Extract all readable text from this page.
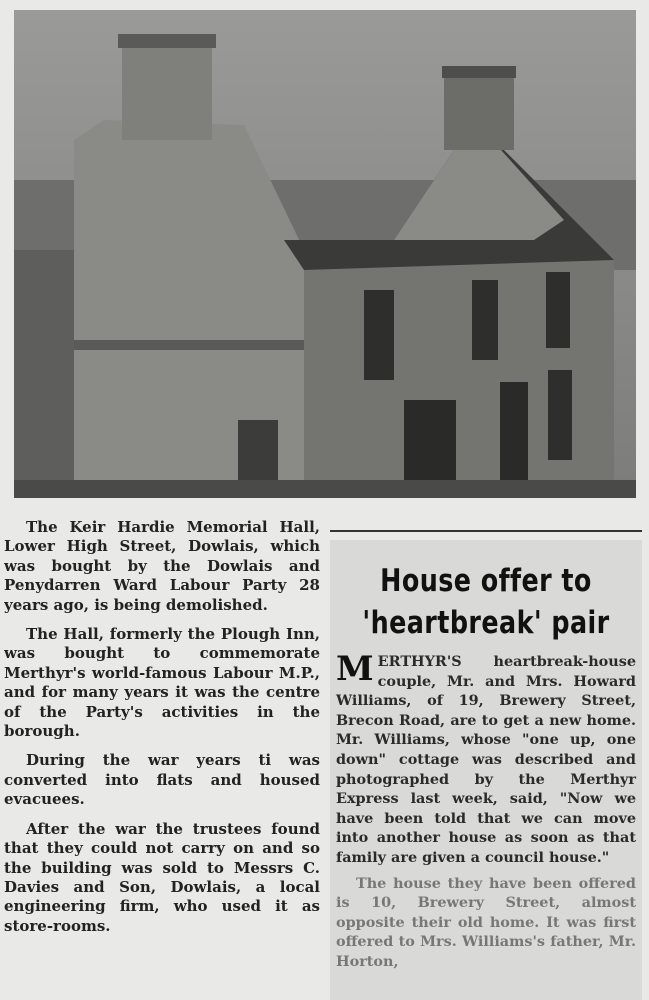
The Keir Hardie Memorial Hall, Lower High Street, Dowlais, which was bought by the Dowlais and Penydarren Ward Labour Party 28 years ago, is being demolished.

The Hall, formerly the Plough Inn, was bought to commemorate Merthyr's world-famous Labour M.P., and for many years it was the centre of the Party's activities in the borough.

During the war years ti was converted into flats and housed evacuees.

After the war the trustees found that they could not carry on and so the building was sold to Messrs C. Davies and Son, Dowlais, a local engineering firm, who used it as store-rooms.

House offer to
'heartbreak' pair

MERTHYR'S heartbreak-house couple, Mr. and Mrs. Howard Williams, of 19, Brewery Street, Brecon Road, are to get a new home. Mr. Williams, whose "one up, one down" cottage was described and photographed by the Merthyr Express last week, said, "Now we have been told that we can move into another house as soon as that family are given a council house."

The house they have been offered is 10, Brewery Street, almost opposite their old home. It was first offered to Mrs. Williams's father, Mr. Horton,
